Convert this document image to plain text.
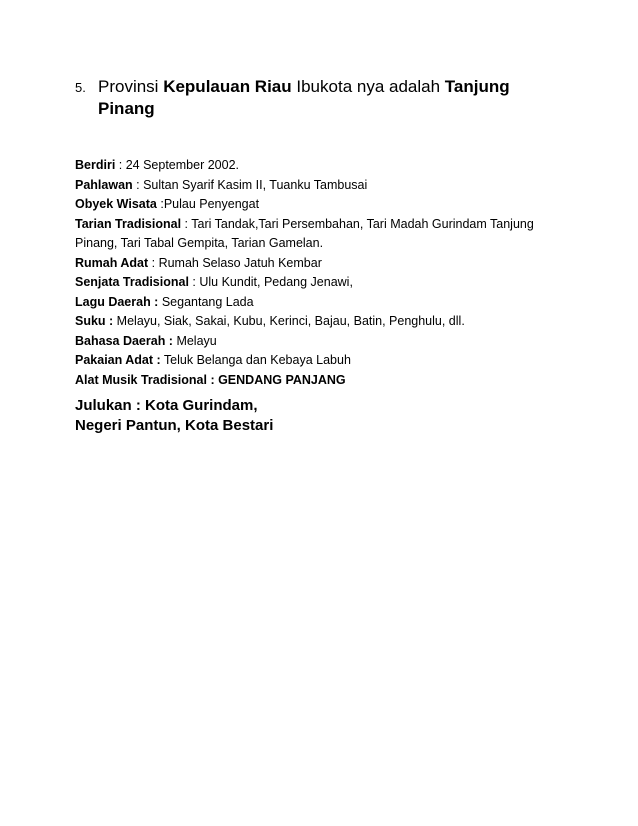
5. Provinsi Kepulauan Riau Ibukota nya adalah Tanjung
Pinang
Berdiri : 24 September 2002.
Pahlawan : Sultan Syarif Kasim II, Tuanku Tambusai
Obyek Wisata :Pulau Penyengat
Tarian Tradisional : Tari Tandak,Tari Persembahan, Tari Madah Gurindam Tanjung Pinang, Tari Tabal Gempita, Tarian Gamelan.
Rumah Adat : Rumah Selaso Jatuh Kembar
Senjata Tradisional : Ulu Kundit, Pedang Jenawi,
Lagu Daerah : Segantang Lada
Suku : Melayu, Siak, Sakai, Kubu, Kerinci, Bajau, Batin, Penghulu, dll.
Bahasa Daerah : Melayu
Pakaian Adat : Teluk Belanga dan Kebaya Labuh
Alat Musik Tradisional : GENDANG PANJANG
Julukan : Kota Gurindam,
Negeri Pantun, Kota Bestari
